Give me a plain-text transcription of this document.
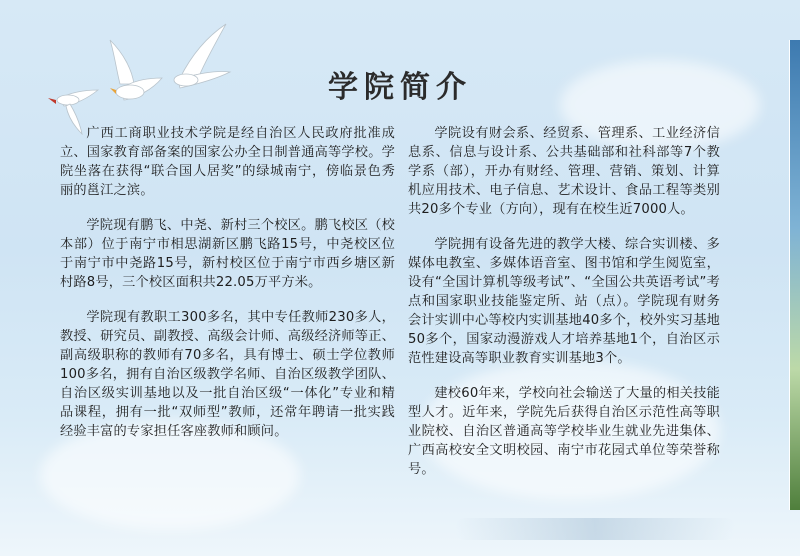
学院简介

广西工商职业技术学院是经自治区人民政府批准成立、国家教育部备案的国家公办全日制普通高等学校。学院坐落在获得“联合国人居奖”的绿城南宁，傍临景色秀丽的邕江之滨。

学院现有鹏飞、中尧、新村三个校区。鹏飞校区（校本部）位于南宁市相思湖新区鹏飞路15号，中尧校区位于南宁市中尧路15号，新村校区位于南宁市西乡塘区新村路8号，三个校区面积共22.05万平方米。

学院现有教职工300多名，其中专任教师230多人，教授、研究员、副教授、高级会计师、高级经济师等正、副高级职称的教师有70多名，具有博士、硕士学位教师100多名，拥有自治区级教学名师、自治区级教学团队、自治区级实训基地以及一批自治区级“一体化”专业和精品课程，拥有一批“双师型”教师，还常年聘请一批实践经验丰富的专家担任客座教师和顾问。

学院设有财会系、经贸系、管理系、工业经济信息系、信息与设计系、公共基础部和社科部等7个教学系（部），开办有财经、管理、营销、策划、计算机应用技术、电子信息、艺术设计、食品工程等类别共20多个专业（方向），现有在校生近7000人。

学院拥有设备先进的教学大楼、综合实训楼、多媒体电教室、多媒体语音室、图书馆和学生阅览室，设有“全国计算机等级考试”、“全国公共英语考试”考点和国家职业技能鉴定所、站（点）。学院现有财务会计实训中心等校内实训基地40多个，校外实习基地50多个，国家动漫游戏人才培养基地1个，自治区示范性建设高等职业教育实训基地3个。

建校60年来，学校向社会输送了大量的相关技能型人才。近年来，学院先后获得自治区示范性高等职业院校、自治区普通高等学校毕业生就业先进集体、广西高校安全文明校园、南宁市花园式单位等荣誉称号。
